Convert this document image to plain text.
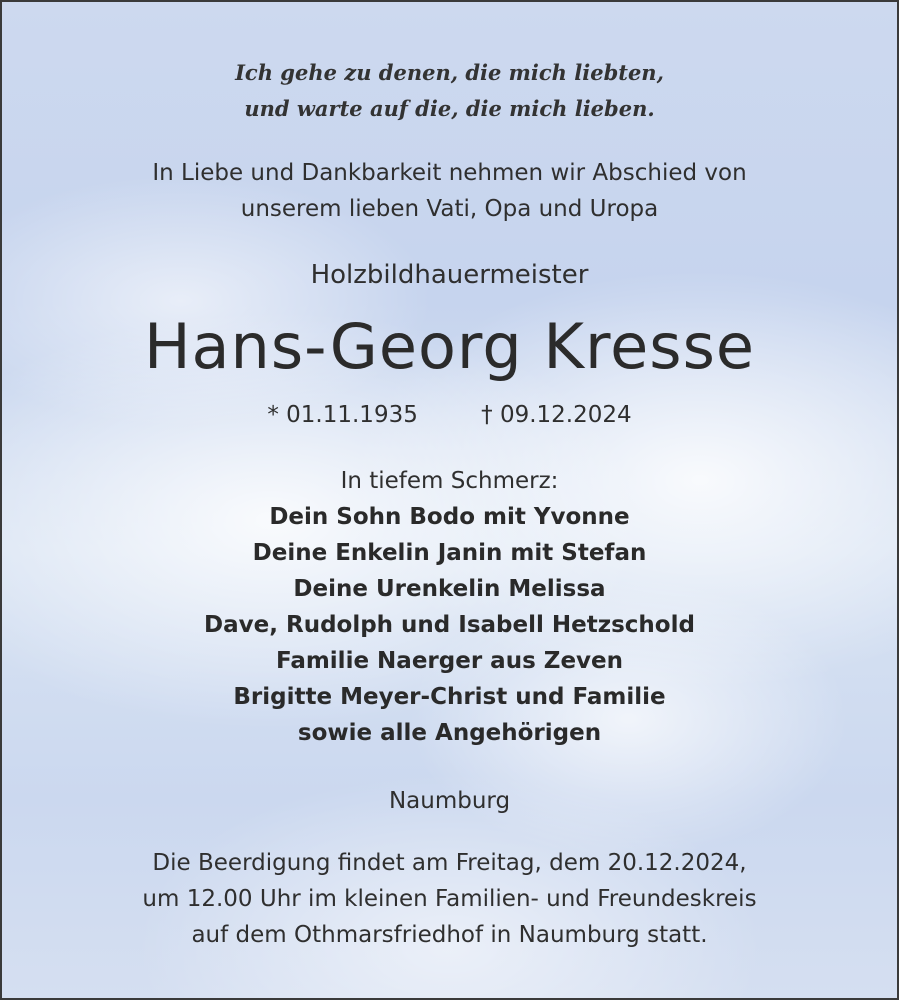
Ich gehe zu denen, die mich liebten,

und warte auf die, die mich lieben.

In Liebe und Dankbarkeit nehmen wir Abschied von

unserem lieben Vati, Opa und Uropa

Holzbildhauermeister

Hans-Georg Kresse

* 01.11.1935	† 09.12.2024

In tiefem Schmerz:

Dein Sohn Bodo mit Yvonne

Deine Enkelin Janin mit Stefan

Deine Urenkelin Melissa

Dave, Rudolph und Isabell Hetzschold

Familie Naerger aus Zeven

Brigitte Meyer-Christ und Familie

sowie alle Angehörigen

Naumburg

Die Beerdigung findet am Freitag, dem 20.12.2024,

um 12.00 Uhr im kleinen Familien- und Freundeskreis

auf dem Othmarsfriedhof in Naumburg statt.
